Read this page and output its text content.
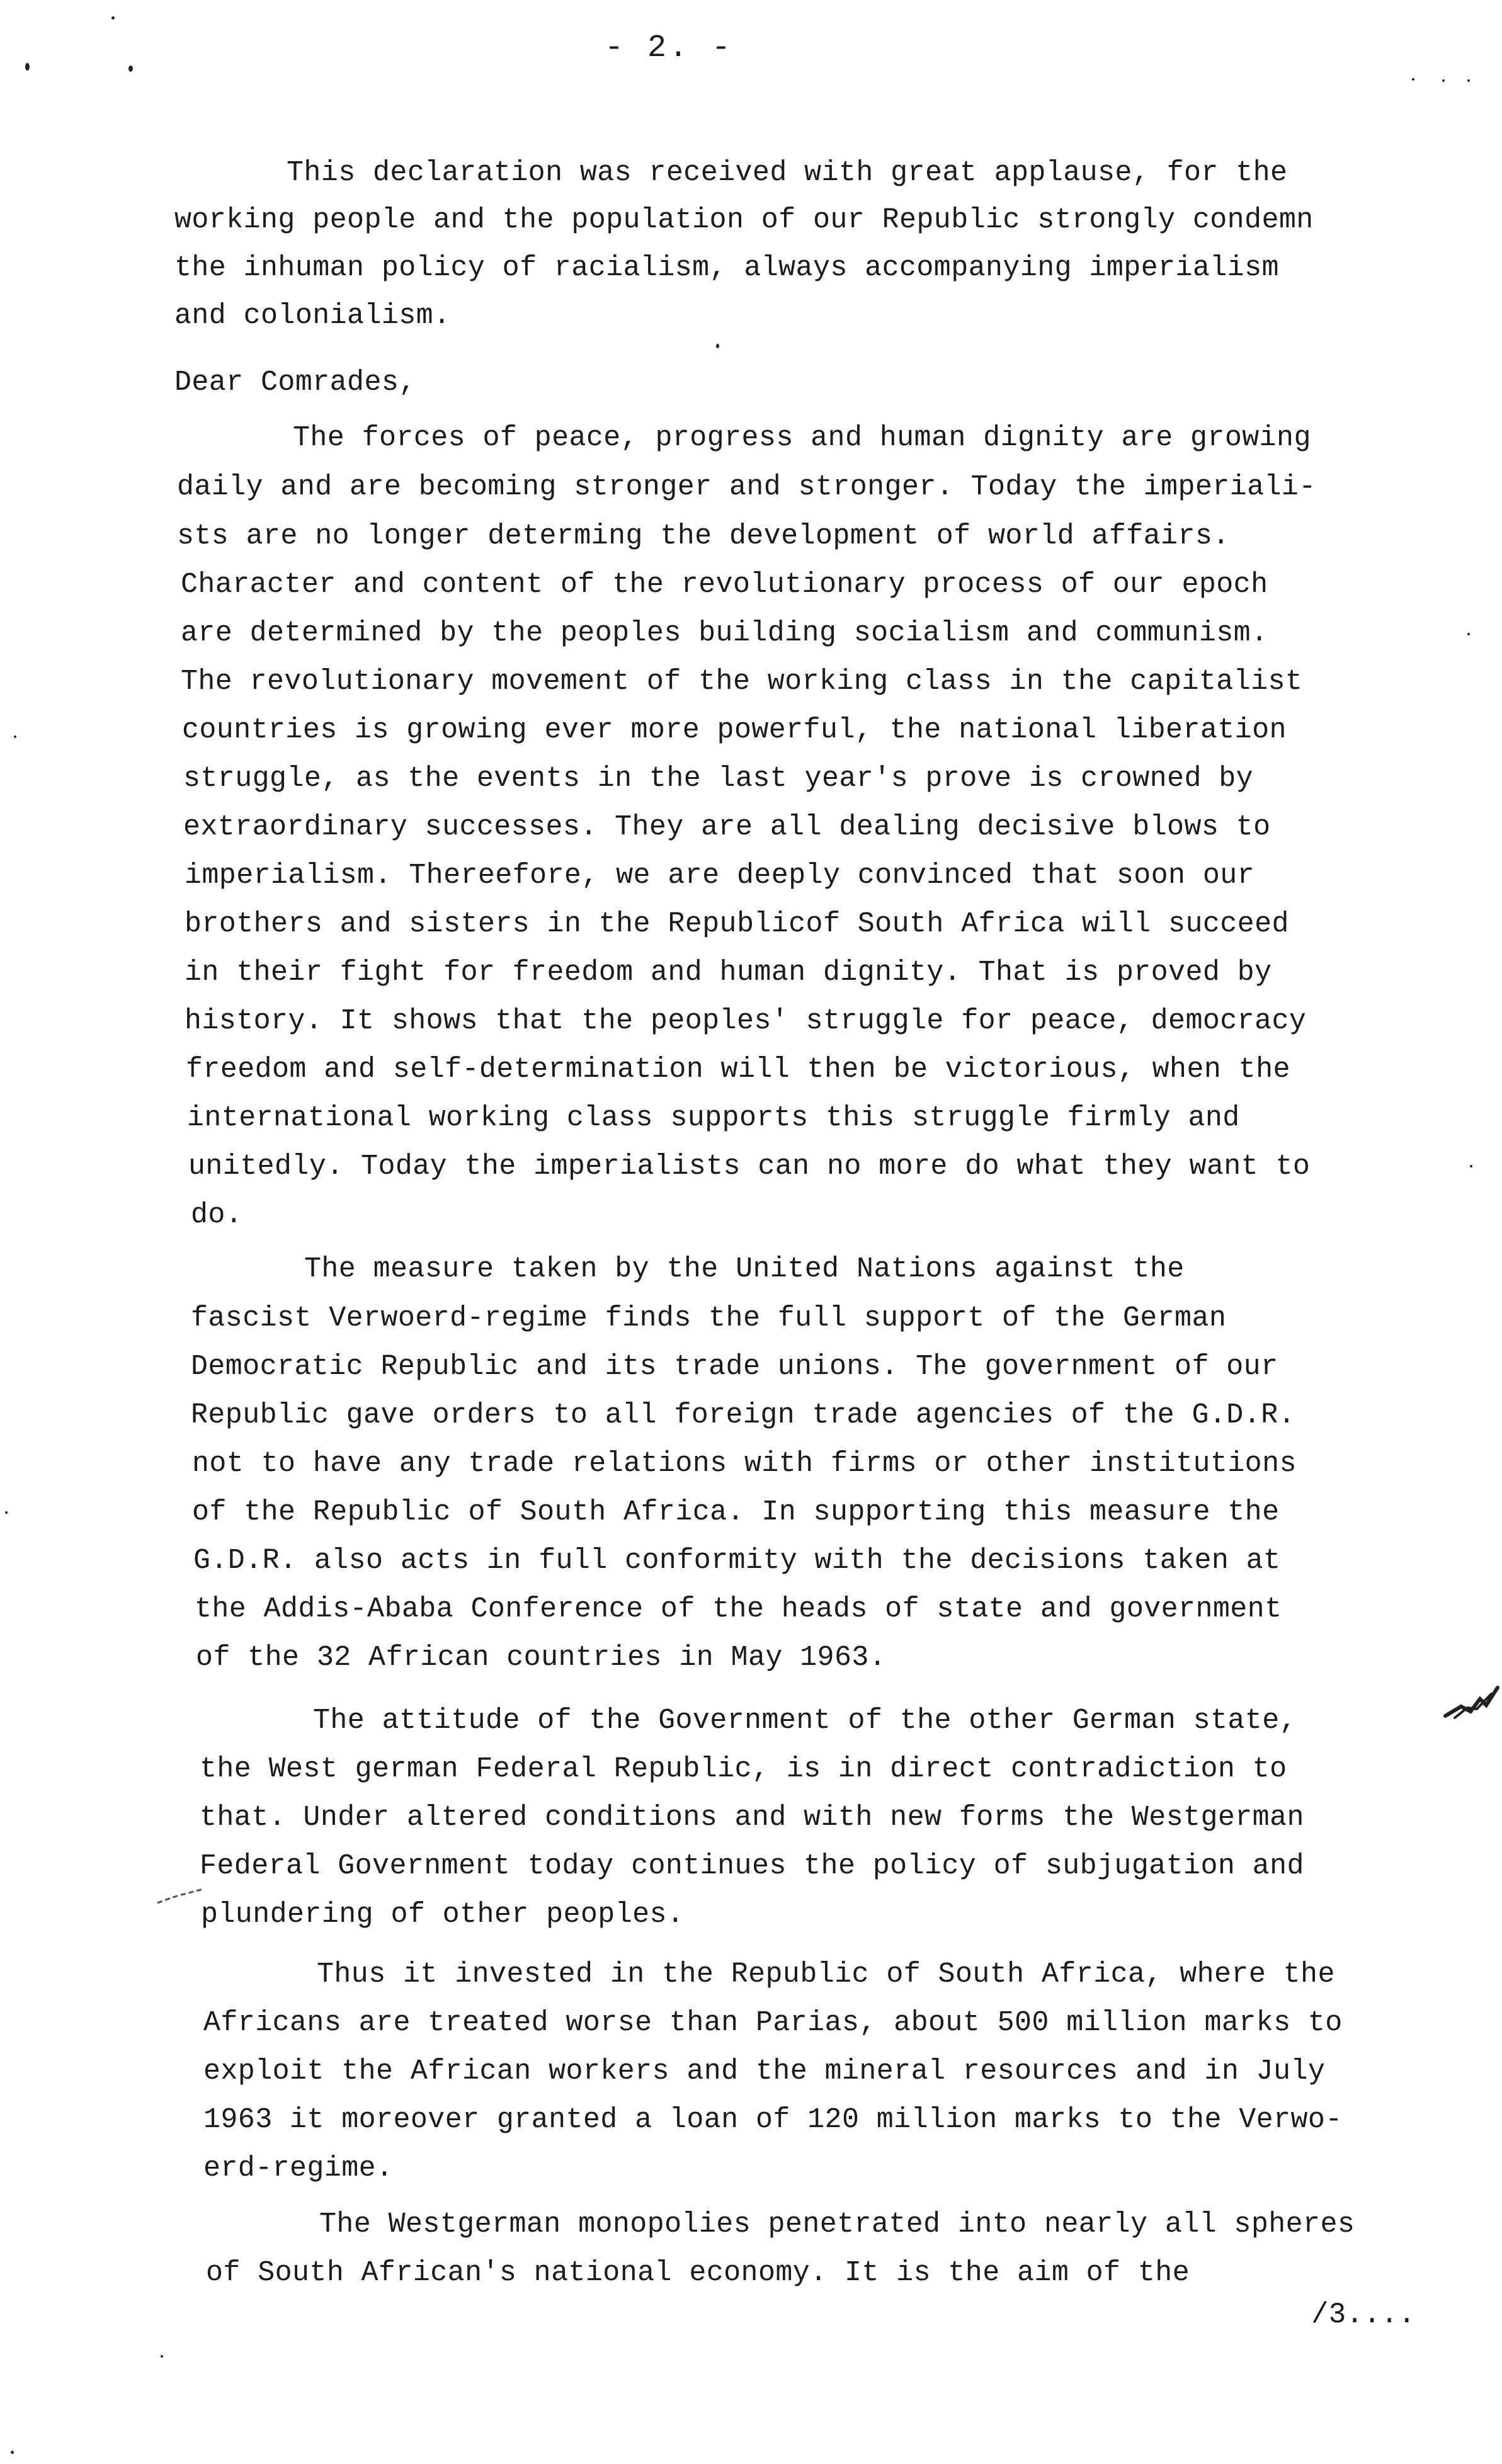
- 2. -
This declaration was received with great applause, for the
working people and the population of our Republic strongly condemn
the inhuman policy of racialism, always accompanying imperialism
and colonialism.
Dear Comrades,
The forces of peace, progress and human dignity are growing
daily and are becoming stronger and stronger. Today the imperiali-
sts are no longer determing the development of world affairs.
Character and content of the revolutionary process of our epoch
are determined by the peoples building socialism and communism.
The revolutionary movement of the working class in the capitalist
countries is growing ever more powerful, the national liberation
struggle, as the events in the last year's prove is crowned by
extraordinary successes. They are all dealing decisive blows to
imperialism. Thereefore, we are deeply convinced that soon our
brothers and sisters in the Republicof South Africa will succeed
in their fight for freedom and human dignity. That is proved by
history. It shows that the peoples' struggle for peace, democracy
freedom and self-determination will then be victorious, when the
international working class supports this struggle firmly and
unitedly. Today the imperialists can no more do what they want to
do.
The measure taken by the United Nations against the
fascist Verwoerd-regime finds the full support of the German
Democratic Republic and its trade unions. The government of our
Republic gave orders to all foreign trade agencies of the G.D.R.
not to have any trade relations with firms or other institutions
of the Republic of South Africa. In supporting this measure the
G.D.R. also acts in full conformity with the decisions taken at
the Addis-Ababa Conference of the heads of state and government
of the 32 African countries in May 1963.
The attitude of the Government of the other German state,
the West german Federal Republic, is in direct contradiction to
that. Under altered conditions and with new forms the Westgerman
Federal Government today continues the policy of subjugation and
plundering of other peoples.
Thus it invested in the Republic of South Africa, where the
Africans are treated worse than Parias, about 500 million marks to
exploit the African workers and the mineral resources and in July
1963 it moreover granted a loan of 120 million marks to the Verwo-
erd-regime.
The Westgerman monopolies penetrated into nearly all spheres
of South African's national economy. It is the aim of the
/3....
